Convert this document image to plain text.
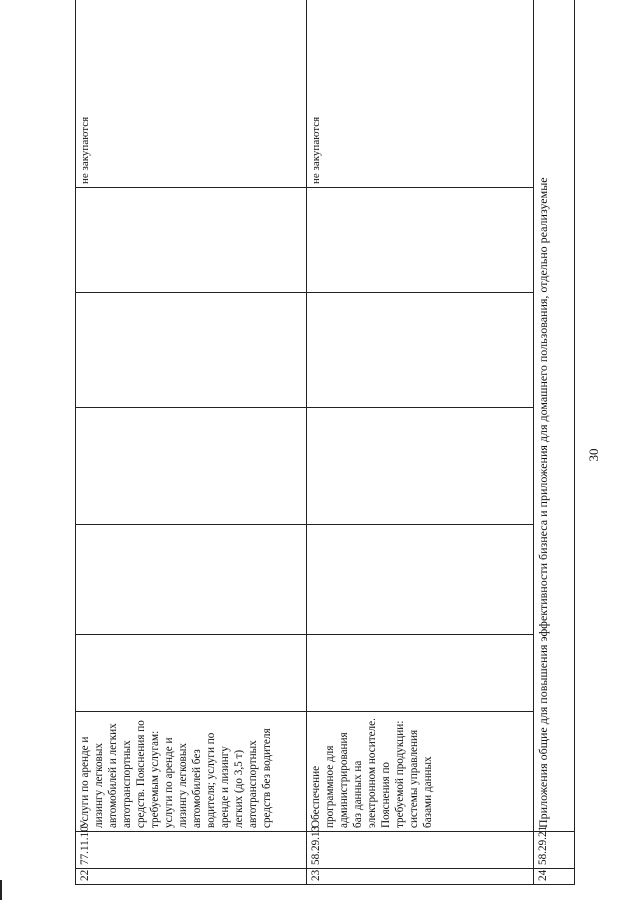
30
22	77.11.10	Услуги по аренде и лизингу легковых автомобилей и легких автотранспортных средств. Пояснения по требуемым услугам: услуги по аренде и лизингу легковых автомобилей без водителя; услуги по аренде и лизингу легких (до 3,5 т) автотранспортных средств без водителя						не закупаются
23	58.29.13	Обеспечение программное для администрирования баз данных на электронном носителе. Пояснения по требуемой продукции: системы управления базами данных						не закупаются
24	58.29.21	Приложения общие для повышения эффективности бизнеса и приложения для домашнего пользования, отдельно реализуемые						
